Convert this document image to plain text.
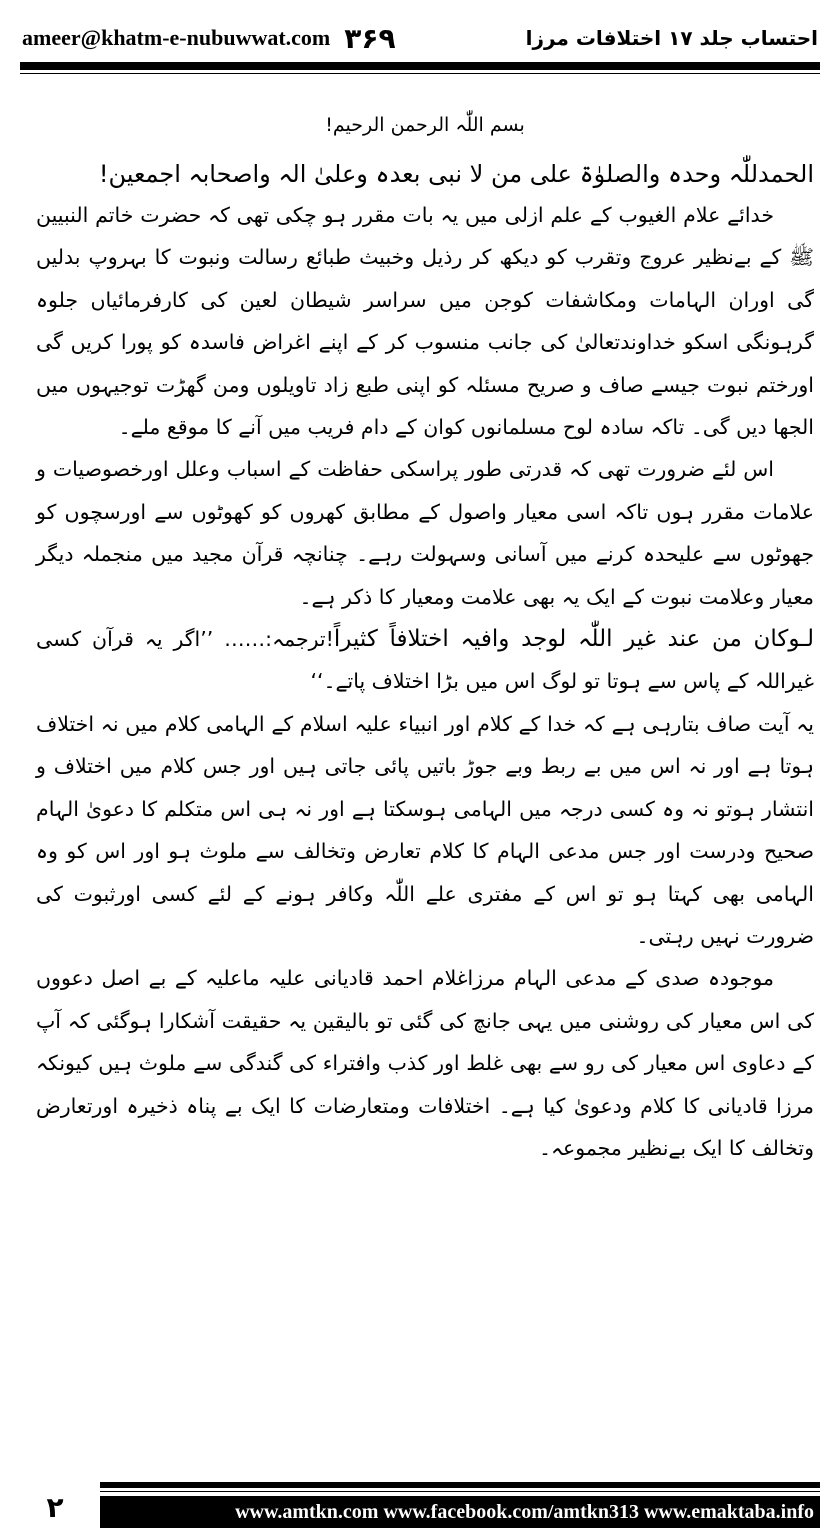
ameer@khatm-e-nubuwwat.com ۳۶۹	احتساب جلد ۱۷ اختلافات مرزا
بسم اللّٰہ الرحمن الرحیم!
الحمدللّٰہ وحدہ والصلوٰۃ علی من لا نبی بعدہ وعلیٰ الہ واصحابہ اجمعین!

خدائے علام الغیوب کے علم ازلی میں یہ بات مقرر ہو چکی تھی کہ حضرت خاتم النبیین ﷺ کے بےنظیر عروج وتقرب کو دیکھ کر رذیل وخبیث طبائع رسالت ونبوت کا بہروپ بدلیں گی اوران الہامات ومکاشفات کوجن میں سراسر شیطان لعین کی کارفرمائیاں جلوہ گرہونگی اسکو خداوندتعالیٰ کی جانب منسوب کر کے اپنے اغراض فاسدہ کو پورا کریں گی اورختم نبوت جیسے صاف و صریح مسئلہ کو اپنی طبع زاد تاویلوں ومن گھڑت توجیہوں میں الجھا دیں گی۔ تاکہ سادہ لوح مسلمانوں کوان کے دام فریب میں آنے کا موقع ملے۔

اس لئے ضرورت تھی کہ قدرتی طور پراسکی حفاظت کے اسباب وعلل اورخصوصیات و علامات مقرر ہوں تاکہ اسی معیار واصول کے مطابق کھروں کو کھوٹوں سے اورسچوں کو جھوٹوں سے علیحدہ کرنے میں آسانی وسہولت رہے۔ چنانچہ قرآن مجید میں منجملہ دیگر معیار وعلامت نبوت کے ایک یہ بھی علامت ومعیار کا ذکر ہے۔

لـوکان من عند غیر اللّٰہ لوجد وافیہ اختلافاً کثیراً!ترجمہ:…… ’’اگر یہ قرآن کسی غیراللہ کے پاس سے ہوتا تو لوگ اس میں بڑا اختلاف پاتے۔‘‘

یہ آیت صاف بتارہی ہے کہ خدا کے کلام اور انبیاء علیہ اسلام کے الہامی کلام میں نہ اختلاف ہوتا ہے اور نہ اس میں بے ربط وبے جوڑ باتیں پائی جاتی ہیں اور جس کلام میں اختلاف و انتشار ہوتو نہ وہ کسی درجہ میں الہامی ہوسکتا ہے اور نہ ہی اس متکلم کا دعویٰ الہام صحیح ودرست اور جس مدعی الہام کا کلام تعارض وتخالف سے ملوث ہو اور اس کو وہ الہامی بھی کہتا ہو تو اس کے مفتری علے اللّٰہ وکافر ہونے کے لئے کسی اورثبوت کی ضرورت نہیں رہتی۔

موجودہ صدی کے مدعی الہام مرزاغلام احمد قادیانی علیہ ماعلیہ کے بے اصل دعووں کی اس معیار کی روشنی میں یہی جانچ کی گئی تو بالیقین یہ حقیقت آشکارا ہوگئی کہ آپ کے دعاوی اس معیار کی رو سے بھی غلط اور کذب وافتراء کی گندگی سے ملوث ہیں کیونکہ مرزا قادیانی کا کلام ودعویٰ کیا ہے۔ اختلافات ومتعارضات کا ایک بے پناہ ذخیرہ اورتعارض وتخالف کا ایک بےنظیر مجموعہ۔

۲	www.amtkn.com www.facebook.com/amtkn313 www.emaktaba.info
